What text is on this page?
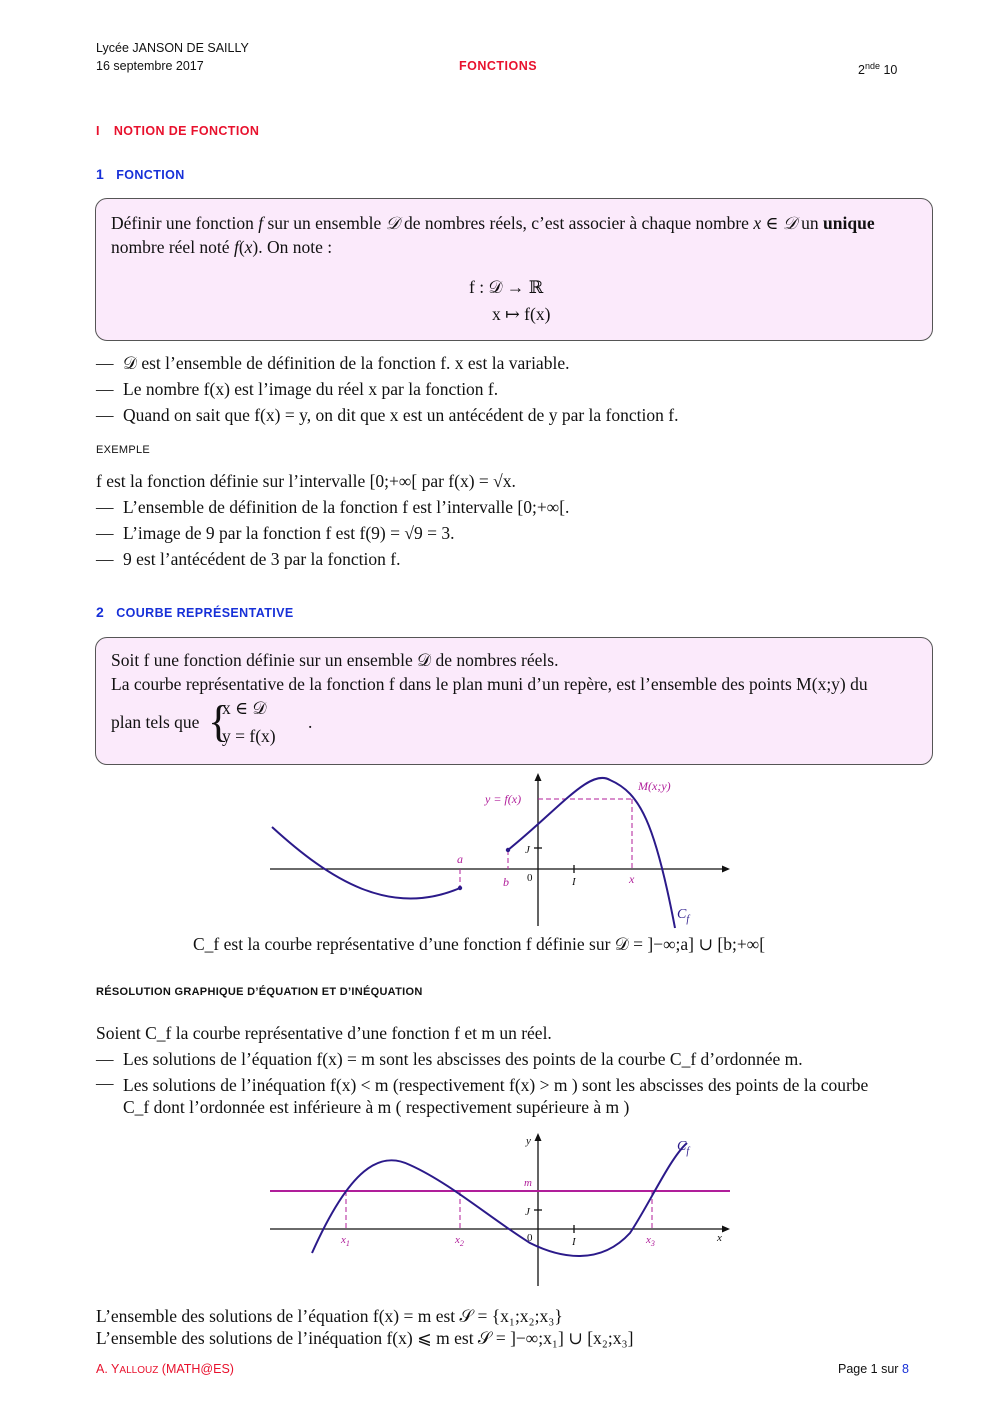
Lycée JANSON DE SAILLY
16 septembre 2017	FONCTIONS	2nde 10
I NOTION DE FONCTION
1 FONCTION
Définir une fonction f sur un ensemble 𝒟 de nombres réels, c’est associer à chaque nombre x ∈ 𝒟 un unique
nombre réel noté f(x). On note :
f : 𝒟 → ℝ
x ↦ f(x)
— 𝒟 est l’ensemble de définition de la fonction f. x est la variable.
— Le nombre f(x) est l’image du réel x par la fonction f.
— Quand on sait que f(x) = y, on dit que x est un antécédent de y par la fonction f.
EXEMPLE
f est la fonction définie sur l’intervalle [0;+∞[ par f(x) = √x.
— L’ensemble de définition de la fonction f est l’intervalle [0;+∞[.
— L’image de 9 par la fonction f est f(9) = √9 = 3.
— 9 est l’antécédent de 3 par la fonction f.
2 COURBE REPRÉSENTATIVE
Soit f une fonction définie sur un ensemble 𝒟 de nombres réels.
La courbe représentative de la fonction f dans le plan muni d’un repère, est l’ensemble des points M(x;y) du
plan tels que {
x ∈ 𝒟
y = f(x)
.
y = f(x)
M(x;y)
a
b 0	I
J
x
$C_f$
C_f est la courbe représentative d’une fonction f définie sur 𝒟 = ]−∞;a] ∪ [b;+∞[
RÉSOLUTION GRAPHIQUE D’ÉQUATION ET D’INÉQUATION
Soient C_f la courbe représentative d’une fonction f et m un réel.
— Les solutions de l’équation f(x) = m sont les abscisses des points de la courbe C_f d’ordonnée m.
— Les solutions de l’inéquation f(x) < m (respectivement f(x) > m ) sont les abscisses des points de la courbe
C_f dont l’ordonnée est inférieure à m ( respectivement supérieure à m )
y
x
m
J
0	I
$x_1$	$x_2$	$x_3$
$C_f$
L’ensemble des solutions de l’équation f(x) = m est 𝒮 = {x₁;x₂;x₃}
L’ensemble des solutions de l’inéquation f(x) ⩽ m est 𝒮 = ]−∞;x₁] ∪ [x₂;x₃]
A. YALLOUZ (MATH@ES)	Page 1 sur 8
